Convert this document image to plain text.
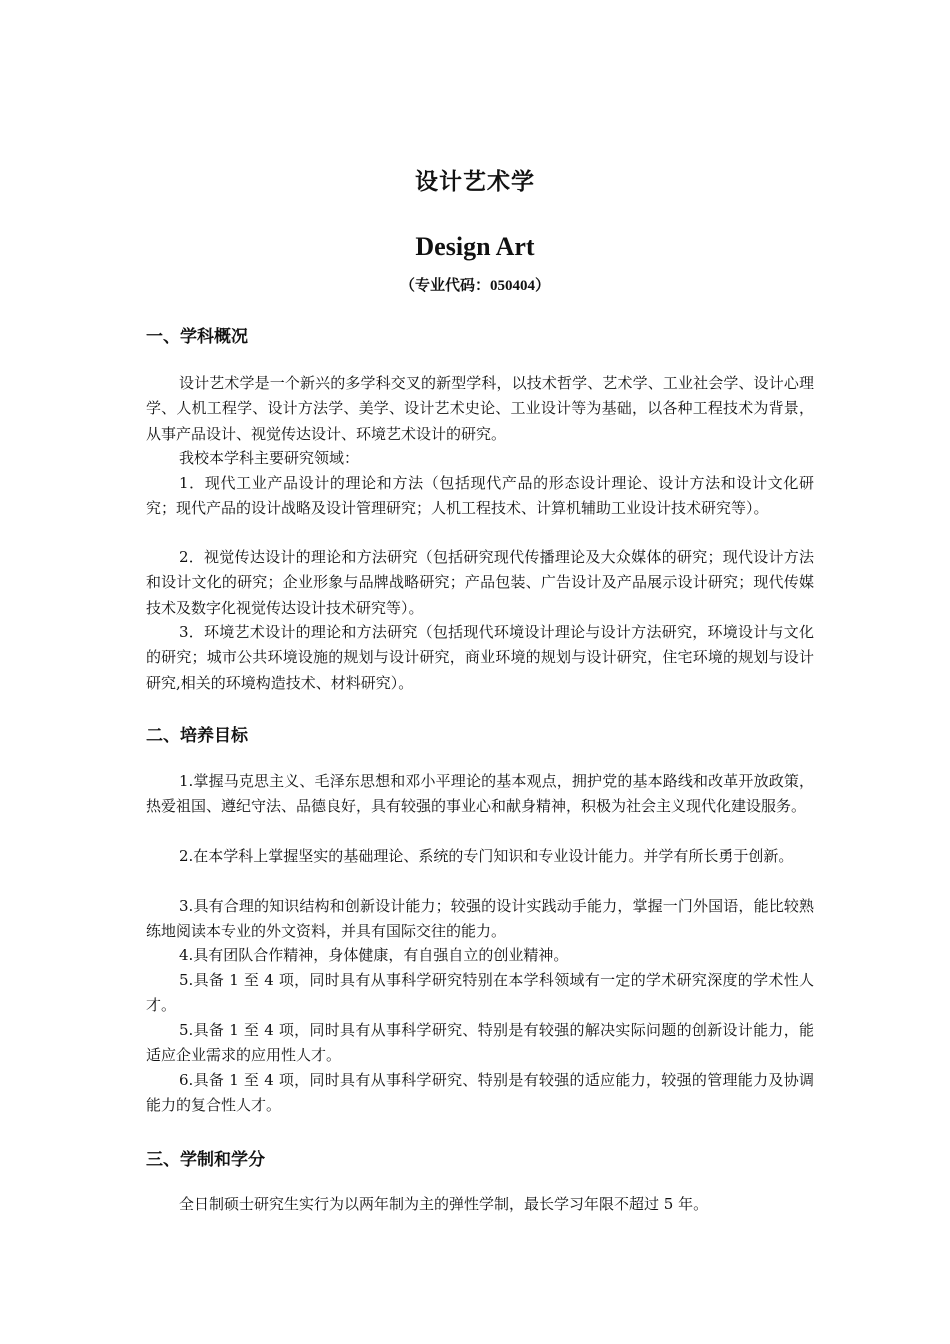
设计艺术学
Design Art
（专业代码：050404）
一、学科概况

设计艺术学是一个新兴的多学科交叉的新型学科，以技术哲学、艺术学、工业社会学、设计心理学、人机工程学、设计方法学、美学、设计艺术史论、工业设计等为基础，以各种工程技术为背景，从事产品设计、视觉传达设计、环境艺术设计的研究。

我校本学科主要研究领域：

1．现代工业产品设计的理论和方法（包括现代产品的形态设计理论、设计方法和设计文化研究；现代产品的设计战略及设计管理研究；人机工程技术、计算机辅助工业设计技术研究等）。

2．视觉传达设计的理论和方法研究（包括研究现代传播理论及大众媒体的研究；现代设计方法和设计文化的研究；企业形象与品牌战略研究；产品包装、广告设计及产品展示设计研究；现代传媒技术及数字化视觉传达设计技术研究等）。

3．环境艺术设计的理论和方法研究（包括现代环境设计理论与设计方法研究，环境设计与文化的研究；城市公共环境设施的规划与设计研究，商业环境的规划与设计研究，住宅环境的规划与设计研究,相关的环境构造技术、材料研究）。

二、培养目标

1.掌握马克思主义、毛泽东思想和邓小平理论的基本观点，拥护党的基本路线和改革开放政策，热爱祖国、遵纪守法、品德良好，具有较强的事业心和献身精神，积极为社会主义现代化建设服务。

2.在本学科上掌握坚实的基础理论、系统的专门知识和专业设计能力。并学有所长勇于创新。

3.具有合理的知识结构和创新设计能力；较强的设计实践动手能力，掌握一门外国语，能比较熟练地阅读本专业的外文资料，并具有国际交往的能力。

4.具有团队合作精神，身体健康，有自强自立的创业精神。

5.具备 1 至 4 项，同时具有从事科学研究特别在本学科领域有一定的学术研究深度的学术性人才。

5.具备 1 至 4 项，同时具有从事科学研究、特别是有较强的解决实际问题的创新设计能力，能适应企业需求的应用性人才。

6.具备 1 至 4 项，同时具有从事科学研究、特别是有较强的适应能力，较强的管理能力及协调能力的复合性人才。

三、学制和学分

全日制硕士研究生实行为以两年制为主的弹性学制，最长学习年限不超过 5 年。
